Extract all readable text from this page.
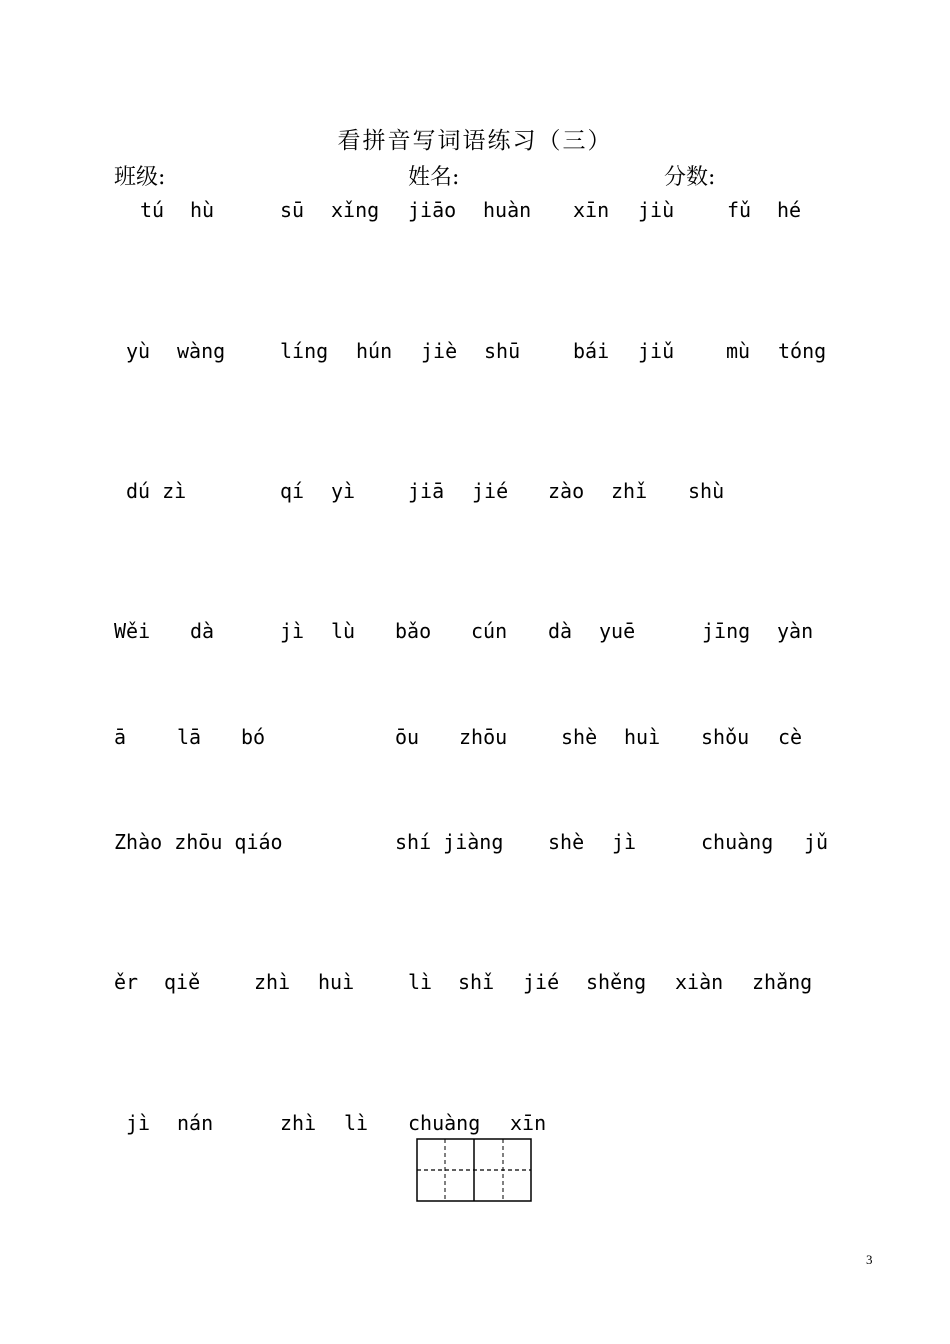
看拼音写词语练习（三）
班级:	姓名:	分数:
tú hù	sū xǐng jiāo huàn xīn jiù	fǔ hé
yù wàng	líng hún jiè shū	bái jiǔ	mù tóng
dú zì	qí yì	jiā jié zào zhǐ shù
Wěi dà	jì lù bǎo cún dà yuē	jīng yàn
ā	lā bó	ōu zhōu	shè huì shǒu cè
Zhào zhōu qiáo	shí jiàng shè jì	chuàng jǔ
ěr qiě	zhì huì	lì shǐ jié shěng xiàn zhǎng
jì nán	zhì lì chuàng xīn
3
